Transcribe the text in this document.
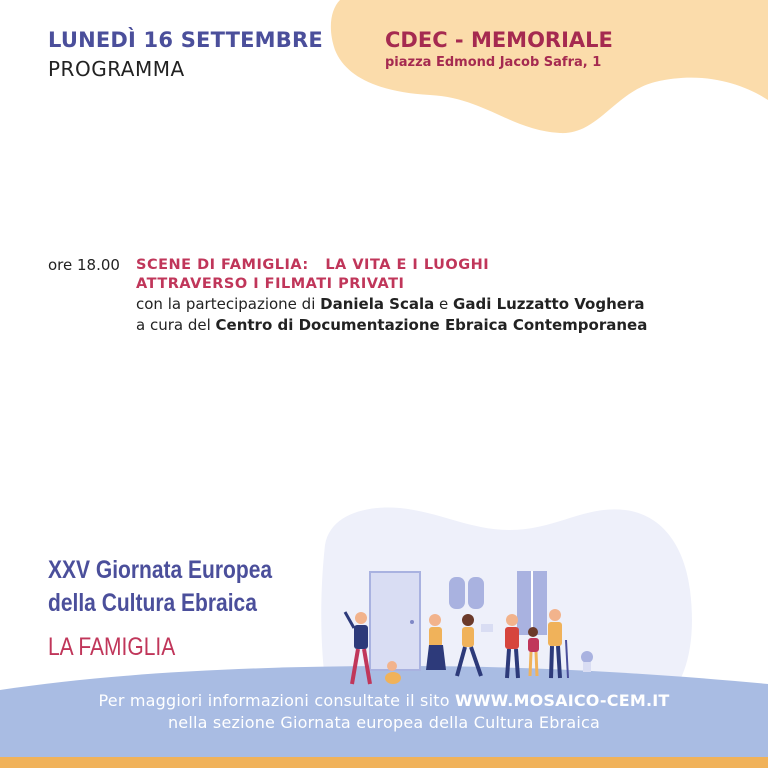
LUNEDÌ 16 SETTEMBRE
PROGRAMMA
CDEC - MEMORIALE
piazza Edmond Jacob Safra, 1
ore 18.00 SCENE DI FAMIGLIA:   LA VITA E I LUOGHI
ATTRAVERSO I FILMATI PRIVATI
con la partecipazione di Daniela Scala e Gadi Luzzatto Voghera
a cura del Centro di Documentazione Ebraica Contemporanea
XXV Giornata Europea
della Cultura Ebraica
LA FAMIGLIA
Per maggiori informazioni consultate il sito WWW.MOSAICO-CEM.IT
nella sezione Giornata europea della Cultura Ebraica
